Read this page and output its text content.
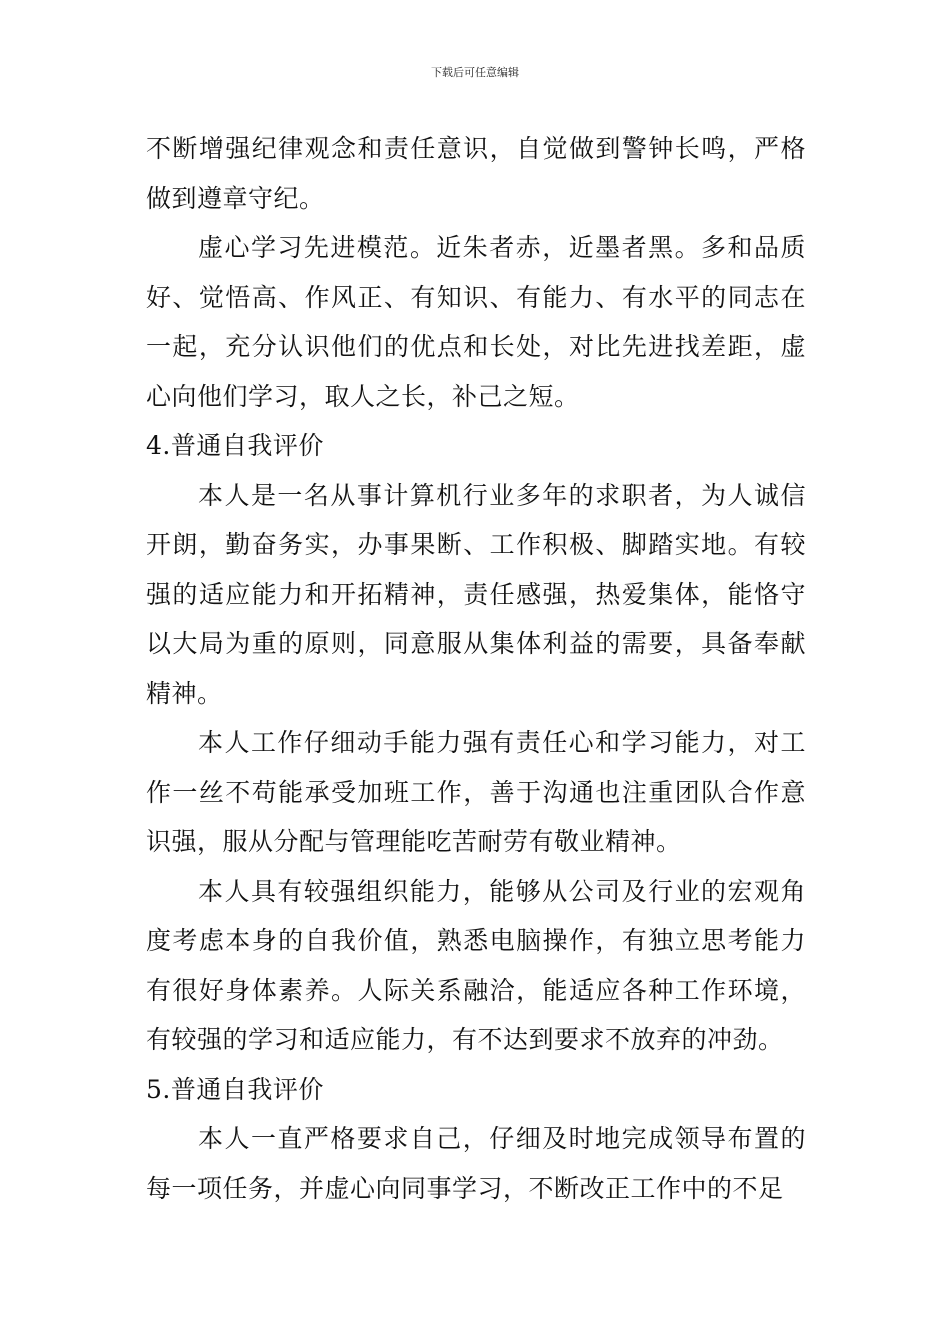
下载后可任意编辑

不断增强纪律观念和责任意识，自觉做到警钟长鸣，严格做到遵章守纪。

虚心学习先进模范。近朱者赤，近墨者黑。多和品质好、觉悟高、作风正、有知识、有能力、有水平的同志在一起，充分认识他们的优点和长处，对比先进找差距，虚心向他们学习，取人之长，补己之短。

4.普通自我评价

本人是一名从事计算机行业多年的求职者，为人诚信开朗，勤奋务实，办事果断、工作积极、脚踏实地。有较强的适应能力和开拓精神，责任感强，热爱集体，能恪守以大局为重的原则，同意服从集体利益的需要，具备奉献精神。

本人工作仔细动手能力强有责任心和学习能力，对工作一丝不苟能承受加班工作，善于沟通也注重团队合作意识强，服从分配与管理能吃苦耐劳有敬业精神。

本人具有较强组织能力，能够从公司及行业的宏观角度考虑本身的自我价值，熟悉电脑操作，有独立思考能力有很好身体素养。人际关系融洽，能适应各种工作环境，有较强的学习和适应能力，有不达到要求不放弃的冲劲。

5.普通自我评价

本人一直严格要求自己，仔细及时地完成领导布置的每一项任务，并虚心向同事学习，不断改正工作中的不足
